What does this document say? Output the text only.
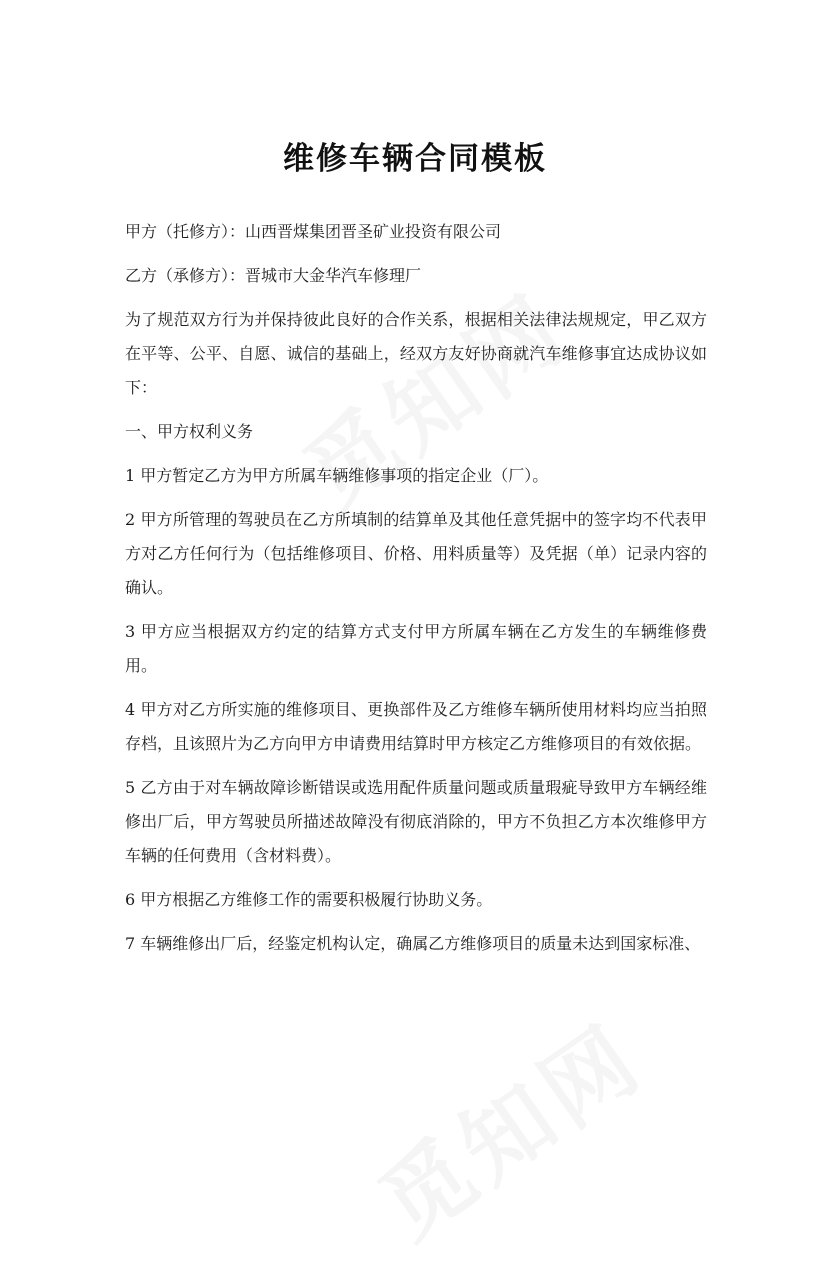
维修车辆合同模板

甲方（托修方）：山西晋煤集团晋圣矿业投资有限公司

乙方（承修方）：晋城市大金华汽车修理厂

为了规范双方行为并保持彼此良好的合作关系，根据相关法律法规规定，甲乙双方在平等、公平、自愿、诚信的基础上，经双方友好协商就汽车维修事宜达成协议如下：

一、甲方权利义务

1 甲方暂定乙方为甲方所属车辆维修事项的指定企业（厂）。

2 甲方所管理的驾驶员在乙方所填制的结算单及其他任意凭据中的签字均不代表甲方对乙方任何行为（包括维修项目、价格、用料质量等）及凭据（单）记录内容的确认。

3 甲方应当根据双方约定的结算方式支付甲方所属车辆在乙方发生的车辆维修费用。

4 甲方对乙方所实施的维修项目、更换部件及乙方维修车辆所使用材料均应当拍照存档，且该照片为乙方向甲方申请费用结算时甲方核定乙方维修项目的有效依据。

5 乙方由于对车辆故障诊断错误或选用配件质量问题或质量瑕疵导致甲方车辆经维修出厂后，甲方驾驶员所描述故障没有彻底消除的，甲方不负担乙方本次维修甲方车辆的任何费用（含材料费）。

6 甲方根据乙方维修工作的需要积极履行协助义务。

7 车辆维修出厂后，经鉴定机构认定，确属乙方维修项目的质量未达到国家标准、
